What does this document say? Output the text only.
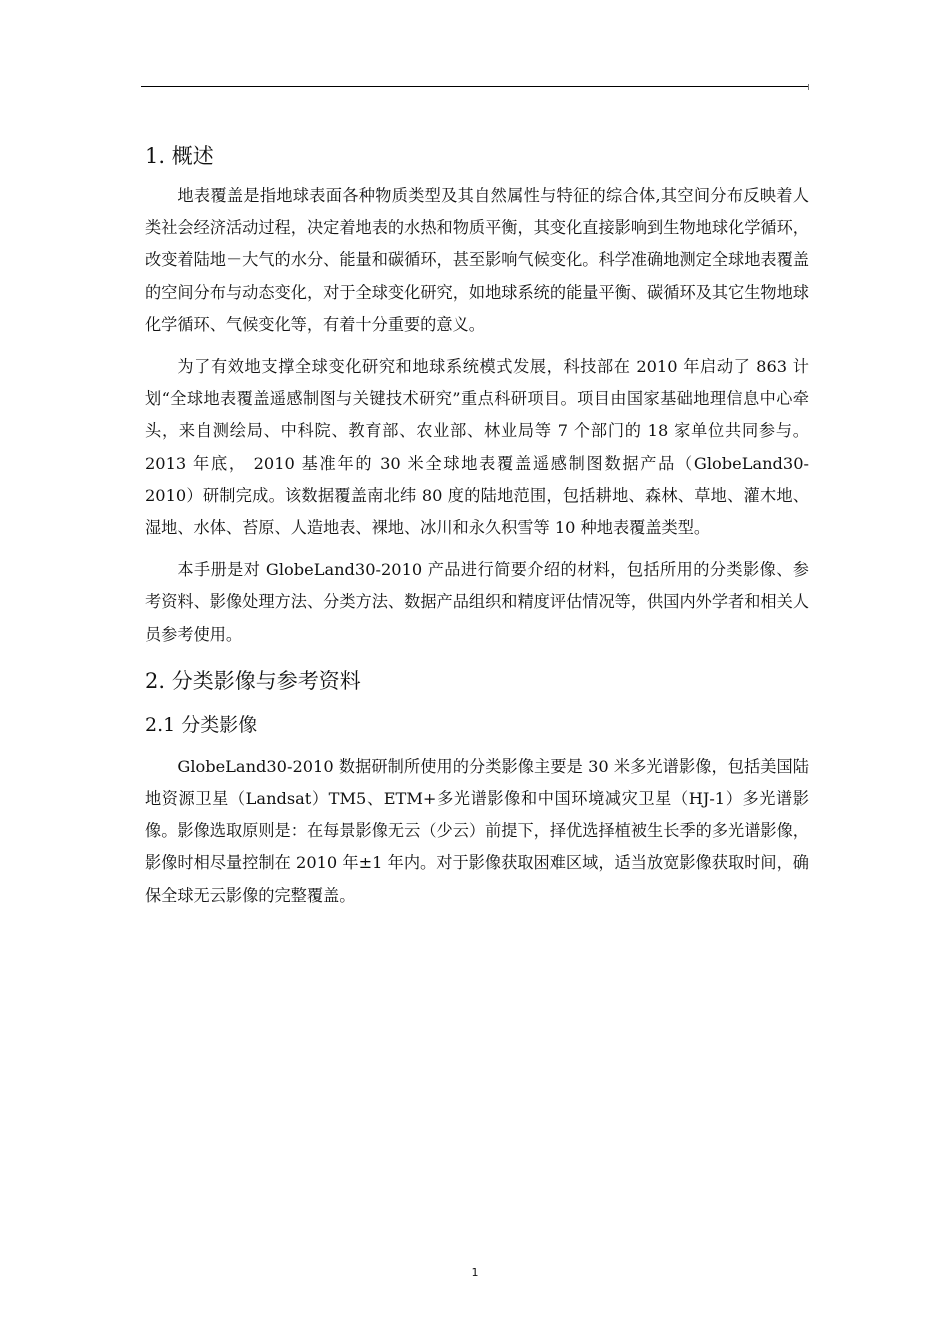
1. 概述

地表覆盖是指地球表面各种物质类型及其自然属性与特征的综合体,其空间分布反映着人类社会经济活动过程，决定着地表的水热和物质平衡，其变化直接影响到生物地球化学循环，改变着陆地－大气的水分、能量和碳循环，甚至影响气候变化。科学准确地测定全球地表覆盖的空间分布与动态变化，对于全球变化研究，如地球系统的能量平衡、碳循环及其它生物地球化学循环、气候变化等，有着十分重要的意义。

为了有效地支撑全球变化研究和地球系统模式发展，科技部在 2010 年启动了 863 计划“全球地表覆盖遥感制图与关键技术研究”重点科研项目。项目由国家基础地理信息中心牵头，来自测绘局、中科院、教育部、农业部、林业局等 7 个部门的 18 家单位共同参与。2013 年底， 2010 基准年的 30 米全球地表覆盖遥感制图数据产品（GlobeLand30-2010）研制完成。该数据覆盖南北纬 80 度的陆地范围，包括耕地、森林、草地、灌木地、湿地、水体、苔原、人造地表、裸地、冰川和永久积雪等 10 种地表覆盖类型。

本手册是对 GlobeLand30-2010 产品进行简要介绍的材料，包括所用的分类影像、参考资料、影像处理方法、分类方法、数据产品组织和精度评估情况等，供国内外学者和相关人员参考使用。

2. 分类影像与参考资料
2.1 分类影像

GlobeLand30-2010 数据研制所使用的分类影像主要是 30 米多光谱影像，包括美国陆地资源卫星（Landsat）TM5、ETM+多光谱影像和中国环境减灾卫星（HJ-1）多光谱影像。影像选取原则是：在每景影像无云（少云）前提下，择优选择植被生长季的多光谱影像，影像时相尽量控制在 2010 年±1 年内。对于影像获取困难区域，适当放宽影像获取时间，确保全球无云影像的完整覆盖。

1
